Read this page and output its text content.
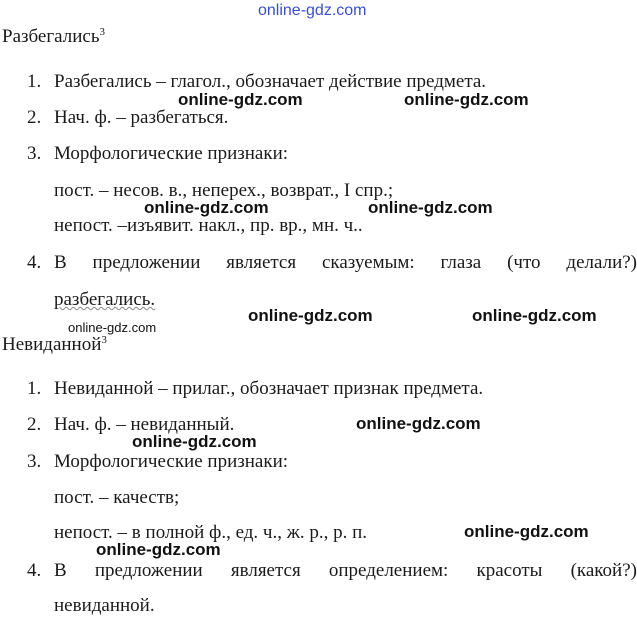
online-gdz.com
Разбегались$^3$
1. Разбегались – глагол., обозначает действие предмета.
2. Нач. ф. – разбегаться.
3. Морфологические признаки:
пост. – несов. в., неперех., возврат., I спр.;
непост. –изъявит. накл., пр. вр., мн. ч..
4. В предложении является сказуемым: глаза (что делали?)
разбегались.
Невиданной$^3$
1. Невиданной – прилаг., обозначает признак предмета.
2. Нач. ф. – невиданный.
3. Морфологические признаки:
пост. – качеств;
непост. – в полной ф., ед. ч., ж. р., р. п.
4. В предложении является определением: красоты (какой?)
невиданной.
online-gdz.com	online-gdz.com
online-gdz.com	online-gdz.com
online-gdz.com	online-gdz.com
online-gdz.com
online-gdz.com
online-gdz.com
online-gdz.com
online-gdz.com
